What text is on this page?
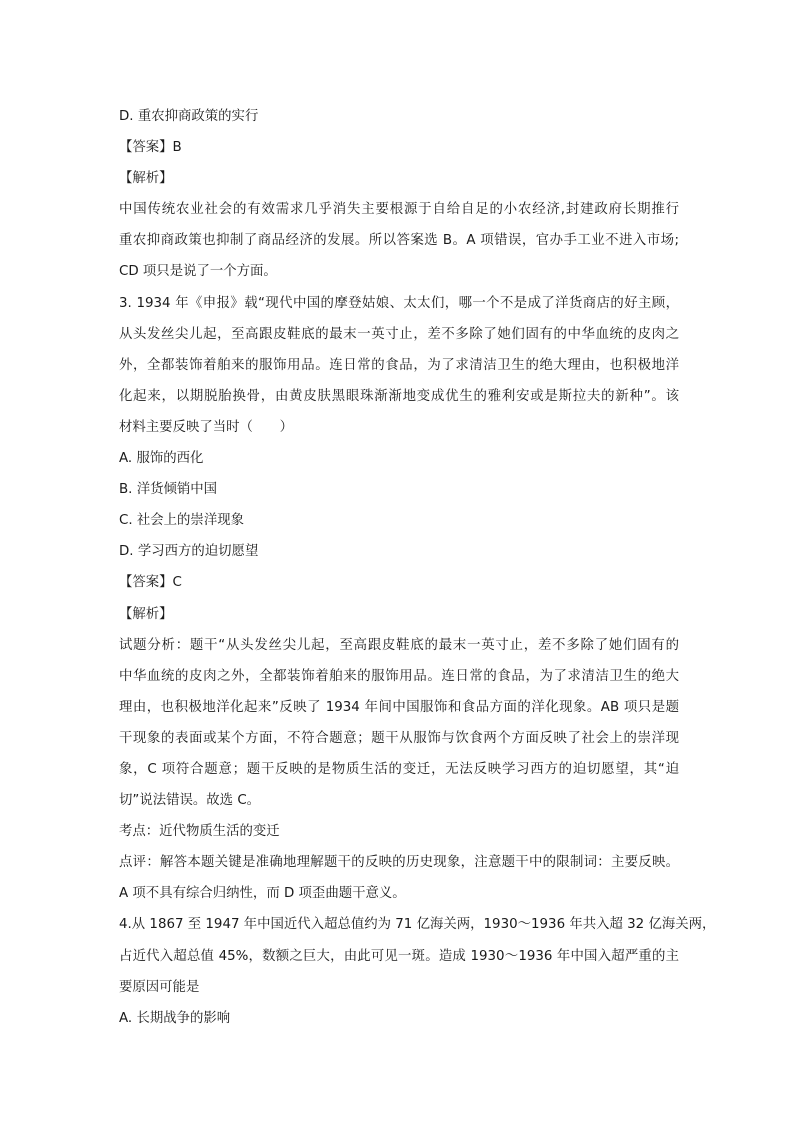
D. 重农抑商政策的实行
【答案】B
【解析】
中国传统农业社会的有效需求几乎消失主要根源于自给自足的小农经济,封建政府长期推行
重农抑商政策也抑制了商品经济的发展。所以答案选 B。A 项错误，官办手工业不进入市场;
CD 项只是说了一个方面。
3. 1934 年《申报》载“现代中国的摩登姑娘、太太们，哪一个不是成了洋货商店的好主顾，
从头发丝尖儿起，至高跟皮鞋底的最末一英寸止，差不多除了她们固有的中华血统的皮肉之
外，全都装饰着舶来的服饰用品。连日常的食品，为了求清洁卫生的绝大理由，也积极地洋
化起来，以期脱胎换骨，由黄皮肤黑眼珠渐渐地变成优生的雅利安或是斯拉夫的新种”。该
材料主要反映了当时（　　）
A. 服饰的西化
B. 洋货倾销中国
C. 社会上的崇洋现象
D. 学习西方的迫切愿望
【答案】C
【解析】
试题分析：题干“从头发丝尖儿起，至高跟皮鞋底的最末一英寸止，差不多除了她们固有的
中华血统的皮肉之外，全都装饰着舶来的服饰用品。连日常的食品，为了求清洁卫生的绝大
理由，也积极地洋化起来”反映了 1934 年间中国服饰和食品方面的洋化现象。AB 项只是题
干现象的表面或某个方面，不符合题意；题干从服饰与饮食两个方面反映了社会上的崇洋现
象，C 项符合题意；题干反映的是物质生活的变迁，无法反映学习西方的迫切愿望，其“迫
切”说法错误。故选 C。
考点：近代物质生活的变迁
点评：解答本题关键是准确地理解题干的反映的历史现象，注意题干中的限制词：主要反映。
A 项不具有综合归纳性，而 D 项歪曲题干意义。
4.从 1867 至 1947 年中国近代入超总值约为 71 亿海关两，1930～1936 年共入超 32 亿海关两，
占近代入超总值 45%，数额之巨大，由此可见一斑。造成 1930～1936 年中国入超严重的主
要原因可能是
A. 长期战争的影响
